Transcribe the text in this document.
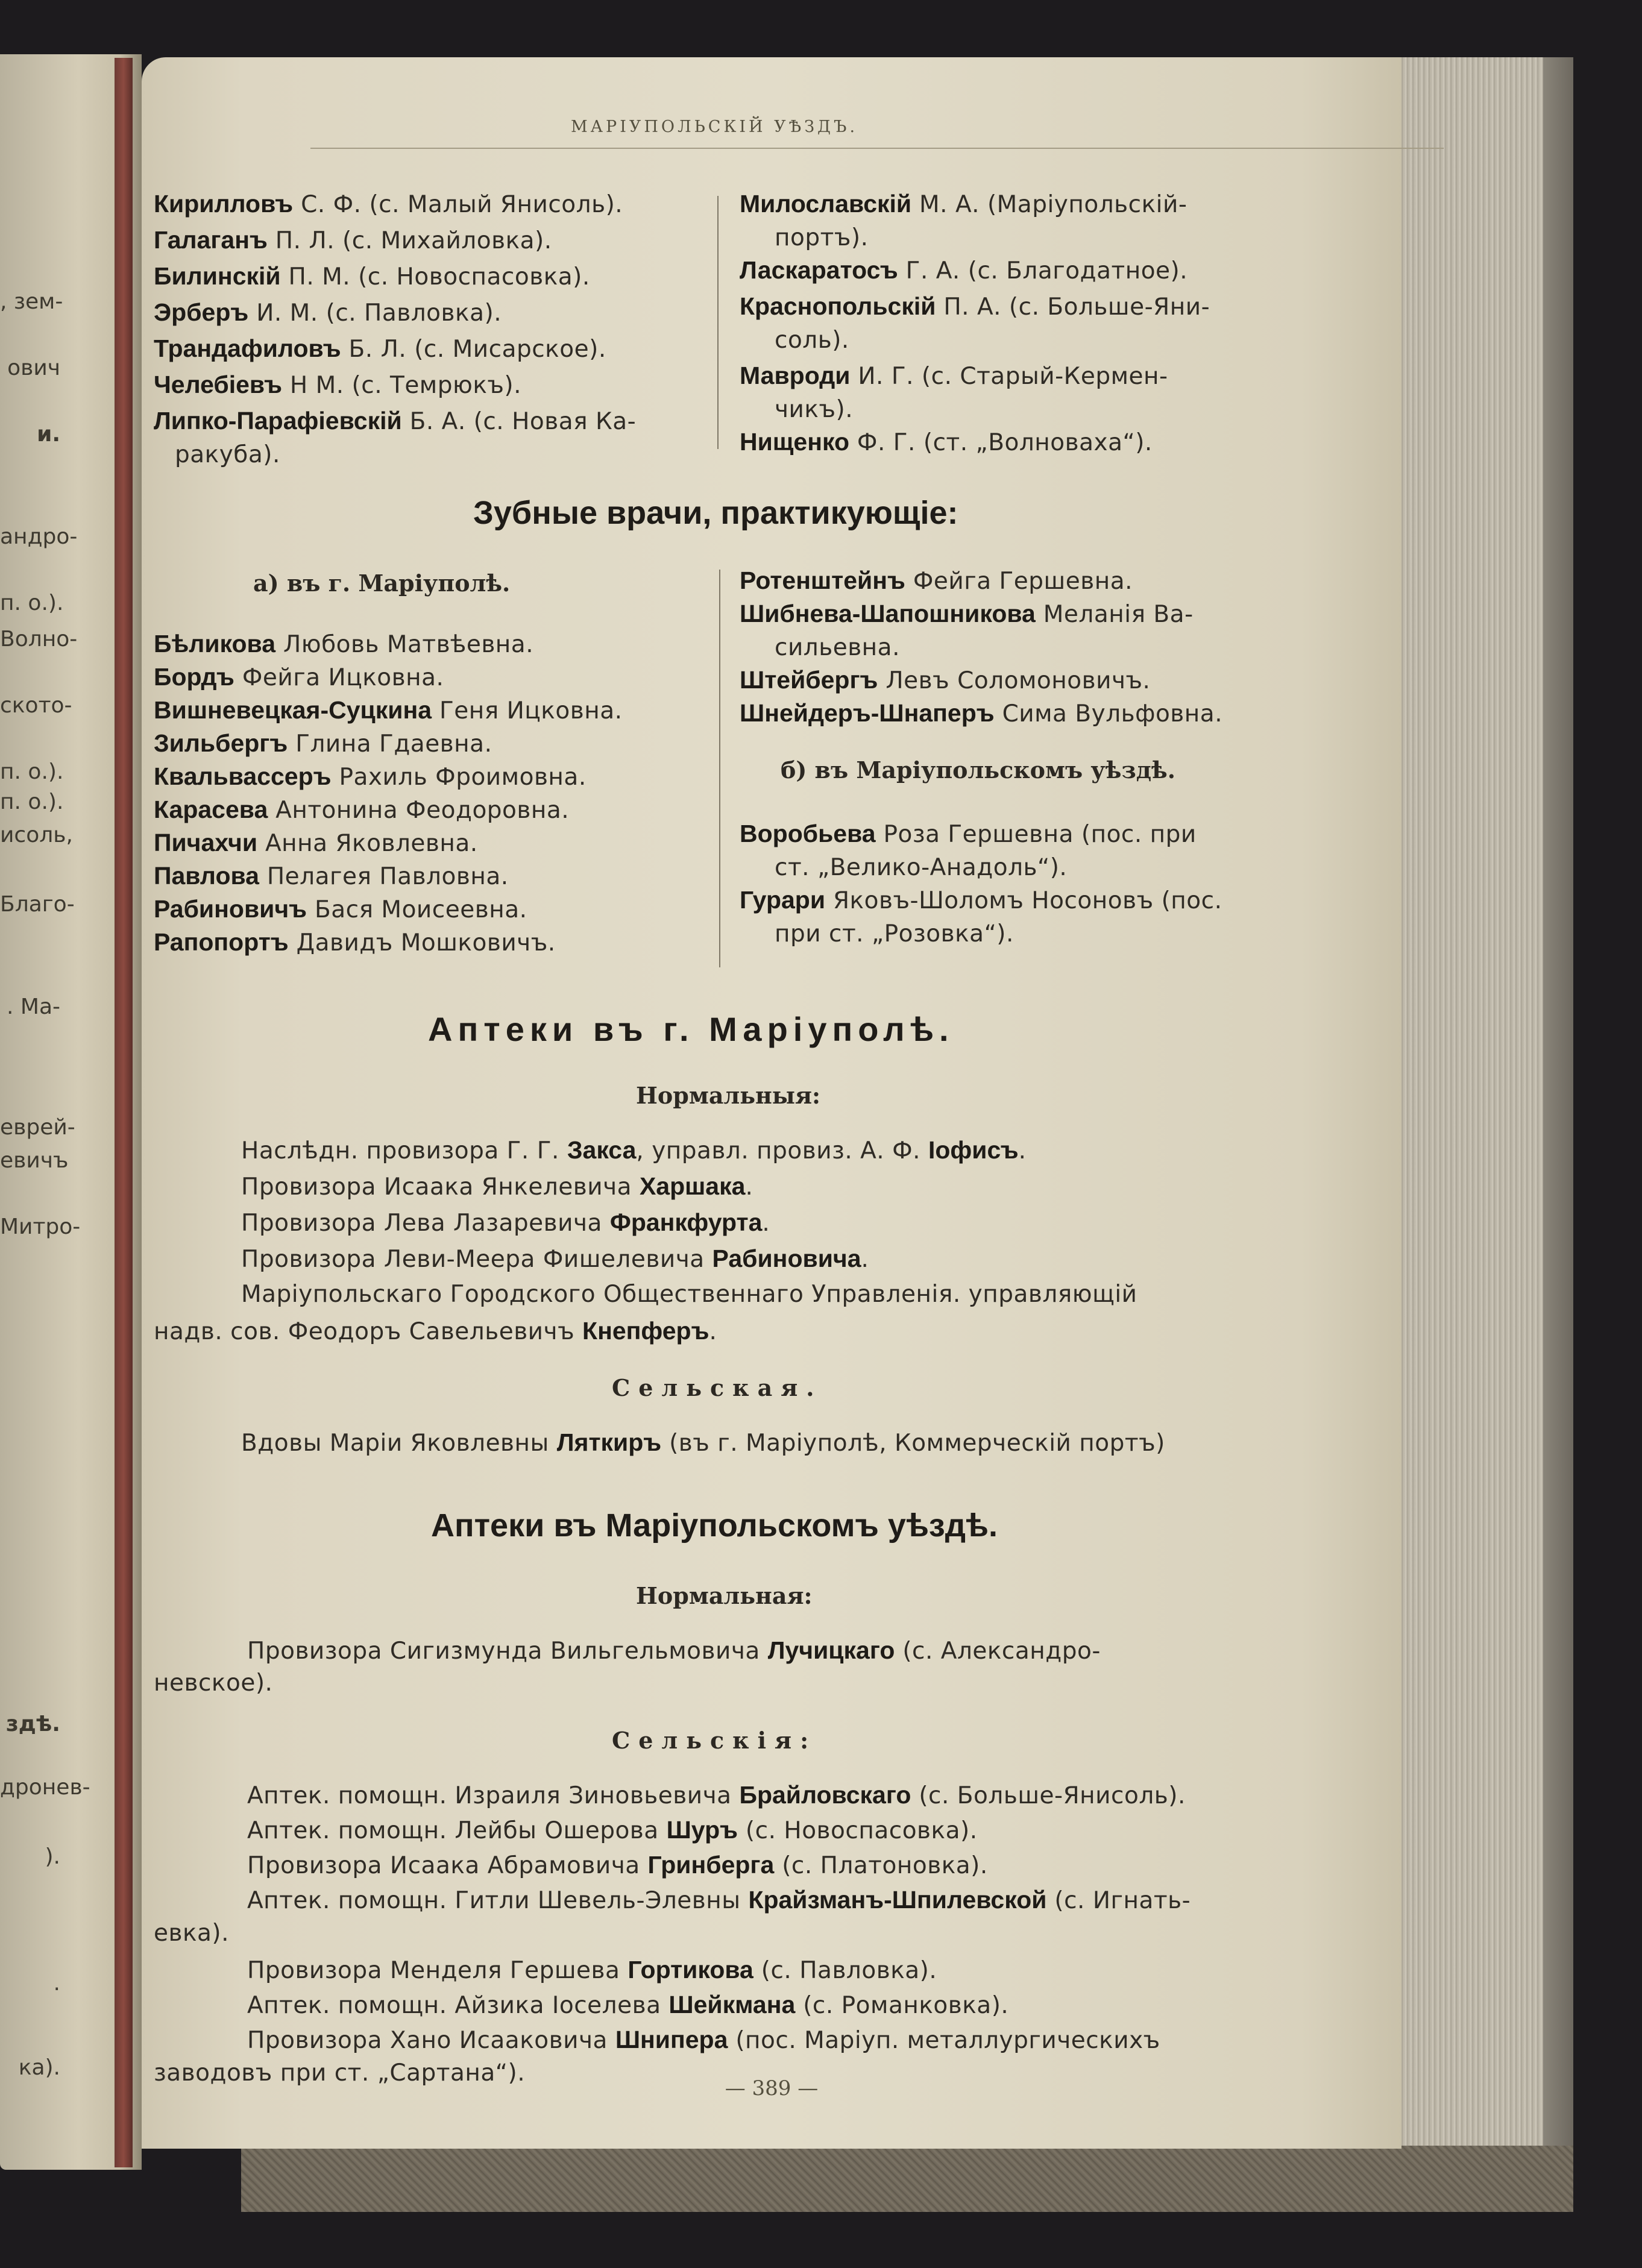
, зем-
ович
и.
андро-
п. о.).
Волно-
ското-
п. о.).
п. о.).
исоль,
Благо-
. Ма-
еврей-
евичъ
Митро-
здѣ.
дронев-
).
.
ка).
МАРІУПОЛЬСКІЙ УѢЗДЪ.
Кирилловъ С. Ф. (с. Малый Янисоль).
Галаганъ П. Л. (с. Михайловка).
Билинскій П. М. (с. Новоспасовка).
Эрберъ И. М. (с. Павловка).
Трандафиловъ Б. Л. (с. Мисарское).
Челебіевъ Н М. (с. Темрюкъ).
Липко-Парафіевскій Б. А. (с. Новая Ка-
ракуба).
Милославскій М. А. (Маріупольскій-
портъ).
Ласкаратосъ Г. А. (с. Благодатное).
Краснопольскій П. А. (с. Больше-Яни-
соль).
Мавроди И. Г. (с. Старый-Кермен-
чикъ).
Нищенко Ф. Г. (ст. „Волноваха“).
Зубные врачи, практикующіе:
а) въ г. Маріуполѣ.
Бѣликова Любовь Матвѣевна.
Бордъ Фейга Ицковна.
Вишневецкая-Суцкина Геня Ицковна.
Зильбергъ Глина Гдаевна.
Квальвассеръ Рахиль Фроимовна.
Карасева Антонина Феодоровна.
Пичахчи Анна Яковлевна.
Павлова Пелагея Павловна.
Рабиновичъ Бася Моисеевна.
Рапопортъ Давидъ Мошковичъ.
Ротенштейнъ Фейга Гершевна.
Шибнева-Шапошникова Меланія Ва-
сильевна.
Штейбергъ Левъ Соломоновичъ.
Шнейдеръ-Шнаперъ Сима Вульфовна.
б) въ Маріупольскомъ уѣздѣ.
Воробьева Роза Гершевна (пос. при
ст. „Велико-Анадоль“).
Гурари Яковъ-Шоломъ Носоновъ (пос.
при ст. „Розовка“).
Аптеки въ г. Маріуполѣ.
Нормальныя:
Наслѣдн. провизора Г. Г. Закса, управл. провиз. А. Ф. Іофисъ.
Провизора Исаака Янкелевича Харшака.
Провизора Лева Лазаревича Франкфурта.
Провизора Леви-Меера Фишелевича Рабиновича.
Маріупольскаго Городского Общественнаго Управленія. управляющій
надв. сов. Феодоръ Савельевичъ Кнепферъ.
Сельская.
Вдовы Маріи Яковлевны Ляткиръ (въ г. Маріуполѣ, Коммерческій портъ)
Аптеки въ Маріупольскомъ уѣздѣ.
Нормальная:
Провизора Сигизмунда Вильгельмовича Лучицкаго (с. Александро-
невское).
Сельскія:
Аптек. помощн. Израиля Зиновьевича Брайловскаго (с. Больше-Янисоль).
Аптек. помощн. Лейбы Ошерова Шуръ (с. Новоспасовка).
Провизора Исаака Абрамовича Гринберга (с. Платоновка).
Аптек. помощн. Гитли Шевель-Элевны Крайзманъ-Шпилевской (с. Игнать-
евка).
Провизора Менделя Гершева Гортикова (с. Павловка).
Аптек. помощн. Айзика Іоселева Шейкмана (с. Романковка).
Провизора Хано Исааковича Шнипера (пос. Маріуп. металлургическихъ
заводовъ при ст. „Сартана“).
— 389 —
